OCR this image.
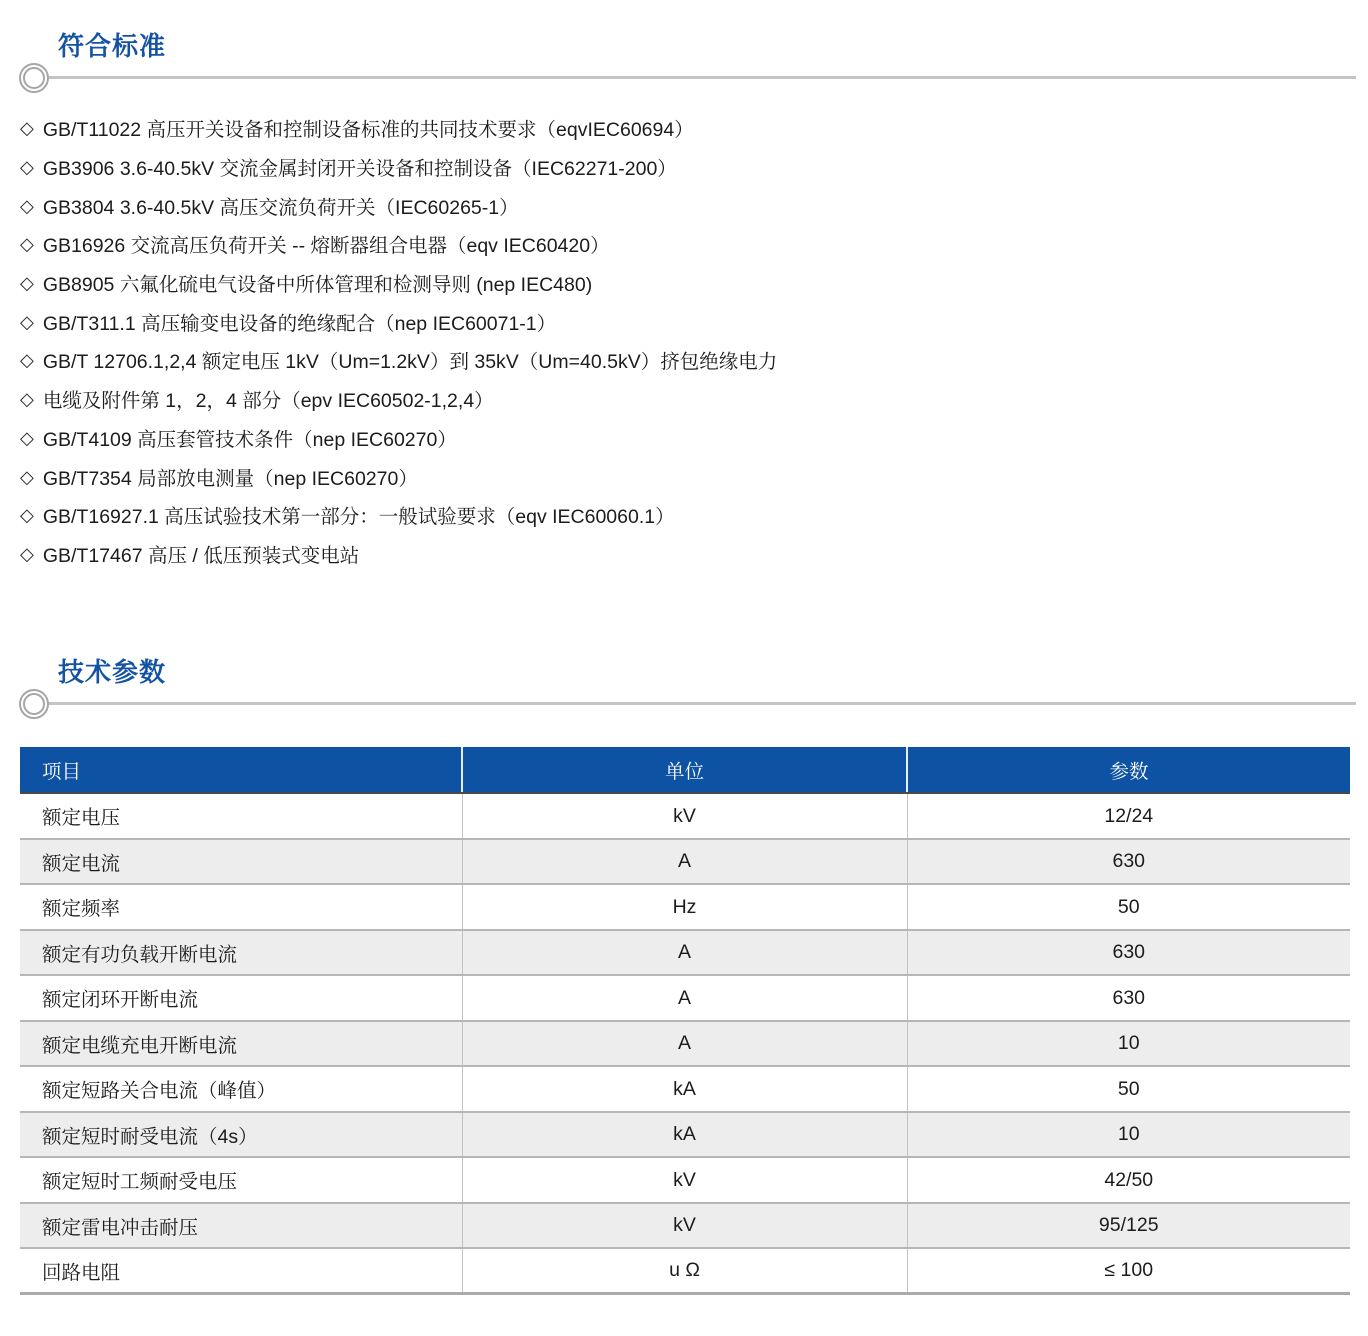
符合标准
◇ GB/T11022 高压开关设备和控制设备标准的共同技术要求（eqvIEC60694）
◇ GB3906 3.6-40.5kV 交流金属封闭开关设备和控制设备（IEC62271-200）
◇ GB3804 3.6-40.5kV 高压交流负荷开关（IEC60265-1）
◇ GB16926 交流高压负荷开关 -- 熔断器组合电器（eqv IEC60420）
◇ GB8905 六氟化硫电气设备中所体管理和检测导则 (nep IEC480)
◇ GB/T311.1 高压输变电设备的绝缘配合（nep IEC60071-1）
◇ GB/T 12706.1,2,4 额定电压 1kV（Um=1.2kV）到 35kV（Um=40.5kV）挤包绝缘电力
◇ 电缆及附件第 1，2，4 部分（epv IEC60502-1,2,4）
◇ GB/T4109 高压套管技术条件（nep IEC60270）
◇ GB/T7354 局部放电测量（nep IEC60270）
◇ GB/T16927.1 高压试验技术第一部分：一般试验要求（eqv IEC60060.1）
◇ GB/T17467 高压 / 低压预装式变电站
技术参数
项目	单位	参数
额定电压	kV	12/24
额定电流	A	630
额定频率	Hz	50
额定有功负载开断电流	A	630
额定闭环开断电流	A	630
额定电缆充电开断电流	A	10
额定短路关合电流（峰值）	kA	50
额定短时耐受电流（4s）	kA	10
额定短时工频耐受电压	kV	42/50
额定雷电冲击耐压	kV	95/125
回路电阻	u Ω	≤ 100
